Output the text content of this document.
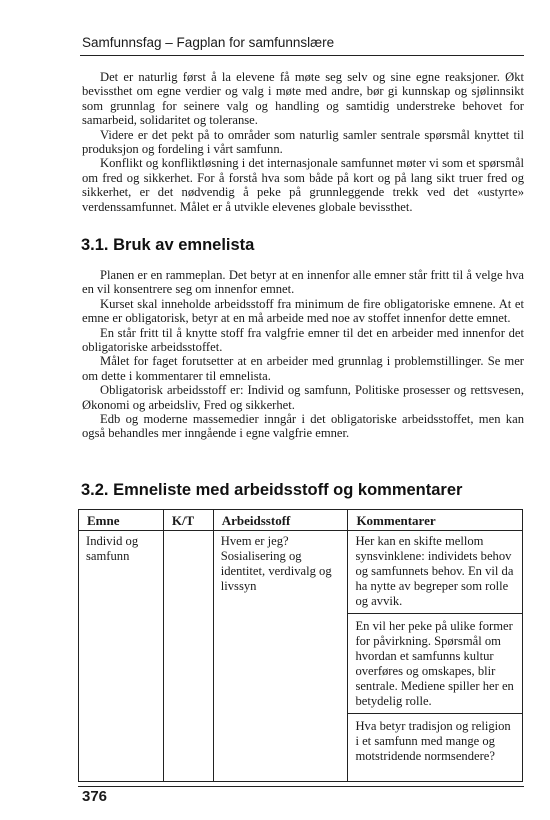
Samfunnsfag – Fagplan for samfunnslære
Det er naturlig først å la elevene få møte seg selv og sine egne reaksjoner. Økt bevissthet om egne verdier og valg i møte med andre, bør gi kunnskap og sjølinnsikt som grunnlag for seinere valg og handling og samtidig understreke behovet for samarbeid, solidaritet og toleranse.
Videre er det pekt på to områder som naturlig samler sentrale spørsmål knyttet til produksjon og fordeling i vårt samfunn.
Konflikt og konfliktløsning i det internasjonale samfunnet møter vi som et spørsmål om fred og sikkerhet. For å forstå hva som både på kort og på lang sikt truer fred og sikkerhet, er det nødvendig å peke på grunnleggende trekk ved det «ustyrte» verdenssamfunnet. Målet er å utvikle elevenes globale bevissthet.
3.1. Bruk av emnelista
Planen er en rammeplan. Det betyr at en innenfor alle emner står fritt til å velge hva en vil konsentrere seg om innenfor emnet.
Kurset skal inneholde arbeidsstoff fra minimum de fire obligatoriske emnene. At et emne er obligatorisk, betyr at en må arbeide med noe av stoffet innenfor dette emnet.
En står fritt til å knytte stoff fra valgfrie emner til det en arbeider med innenfor det obligatoriske arbeidsstoffet.
Målet for faget forutsetter at en arbeider med grunnlag i problemstillinger. Se mer om dette i kommentarer til emnelista.
Obligatorisk arbeidsstoff er: Individ og samfunn, Politiske prosesser og rettsvesen, Økonomi og arbeidsliv, Fred og sikkerhet.
Edb og moderne massemedier inngår i det obligatoriske arbeidsstoffet, men kan også behandles mer inngående i egne valgfrie emner.
3.2. Emneliste med arbeidsstoff og kommentarer
Emne	K/T	Arbeidsstoff	Kommentarer
Individ og samfunn		Hvem er jeg? Sosialisering og identitet, verdivalg og livssyn	Her kan en skifte mellom synsvinklene: individets behov og samfunnets behov. En vil da ha nytte av begreper som rolle og avvik.
En vil her peke på ulike former for påvirkning. Spørsmål om hvordan et samfunns kultur overføres og omskapes, blir sentrale. Mediene spiller her en betydelig rolle.
Hva betyr tradisjon og religion i et samfunn med mange og motstridende normsendere?
376
